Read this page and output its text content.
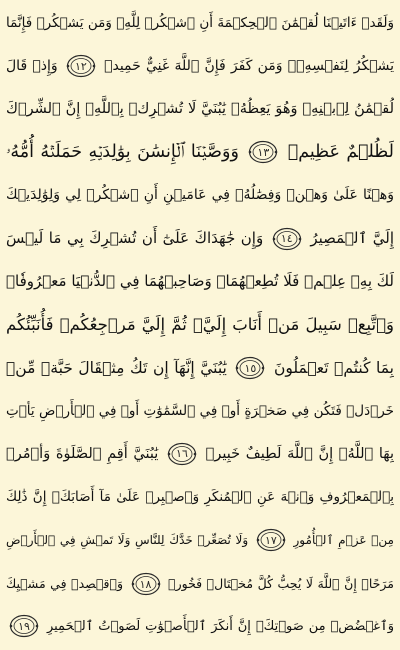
وَلَقَدۡ ءَاتَيۡنَا لُقۡمَٰنَ ٱلۡحِكۡمَةَ أَنِ ٱشۡكُرۡ لِلَّهِۚ وَمَن يَشۡكُرۡ فَإِنَّمَا
يَشۡكُرُ لِنَفۡسِهِۦۖ وَمَن كَفَرَ فَإِنَّ ٱللَّهَ غَنِيٌّ حَمِيدٞ
١٢
وَإِذۡ قَالَ
لُقۡمَٰنُ لِٱبۡنِهِۦ وَهُوَ يَعِظُهُۥ يَٰبُنَيَّ لَا تُشۡرِكۡ بِٱللَّهِۖ إِنَّ ٱلشِّرۡكَ
لَظُلۡمٌ عَظِيمٞ
١٣
وَوَصَّيۡنَا ٱلۡإِنسَٰنَ بِوَٰلِدَيۡهِ حَمَلَتۡهُ أُمُّهُۥ
وَهۡنًا عَلَىٰ وَهۡنٖ وَفِصَٰلُهُۥ فِي عَامَيۡنِ أَنِ ٱشۡكُرۡ لِي وَلِوَٰلِدَيۡكَ
إِلَيَّ ٱلۡمَصِيرُ
١٤
وَإِن جَٰهَدَاكَ عَلَىٰٓ أَن تُشۡرِكَ بِي مَا لَيۡسَ
لَكَ بِهِۦ عِلۡمٞ فَلَا تُطِعۡهُمَاۖ وَصَاحِبۡهُمَا فِي ٱلدُّنۡيَا مَعۡرُوفٗاۖ
وَٱتَّبِعۡ سَبِيلَ مَنۡ أَنَابَ إِلَيَّۚ ثُمَّ إِلَيَّ مَرۡجِعُكُمۡ فَأُنَبِّئُكُم
بِمَا كُنتُمۡ تَعۡمَلُونَ
١٥
يَٰبُنَيَّ إِنَّهَآ إِن تَكُ مِثۡقَالَ حَبَّةٖ مِّنۡ
خَرۡدَلٖ فَتَكُن فِي صَخۡرَةٍ أَوۡ فِي ٱلسَّمَٰوَٰتِ أَوۡ فِي ٱلۡأَرۡضِ يَأۡتِ
بِهَا ٱللَّهُۚ إِنَّ ٱللَّهَ لَطِيفٌ خَبِيرٞ
١٦
يَٰبُنَيَّ أَقِمِ ٱلصَّلَوٰةَ وَأۡمُرۡ
بِٱلۡمَعۡرُوفِ وَٱنۡهَ عَنِ ٱلۡمُنكَرِ وَٱصۡبِرۡ عَلَىٰ مَآ أَصَابَكَۖ إِنَّ ذَٰلِكَ
مِنۡ عَزۡمِ ٱلۡأُمُورِ
١٧
وَلَا تُصَعِّرۡ خَدَّكَ لِلنَّاسِ وَلَا تَمۡشِ فِي ٱلۡأَرۡضِ
مَرَحًاۖ إِنَّ ٱللَّهَ لَا يُحِبُّ كُلَّ مُخۡتَالٖ فَخُورٖ
١٨
وَٱقۡصِدۡ فِي مَشۡيِكَ
وَٱغۡضُضۡ مِن صَوۡتِكَۚ إِنَّ أَنكَرَ ٱلۡأَصۡوَٰتِ لَصَوۡتُ ٱلۡحَمِيرِ
١٩
